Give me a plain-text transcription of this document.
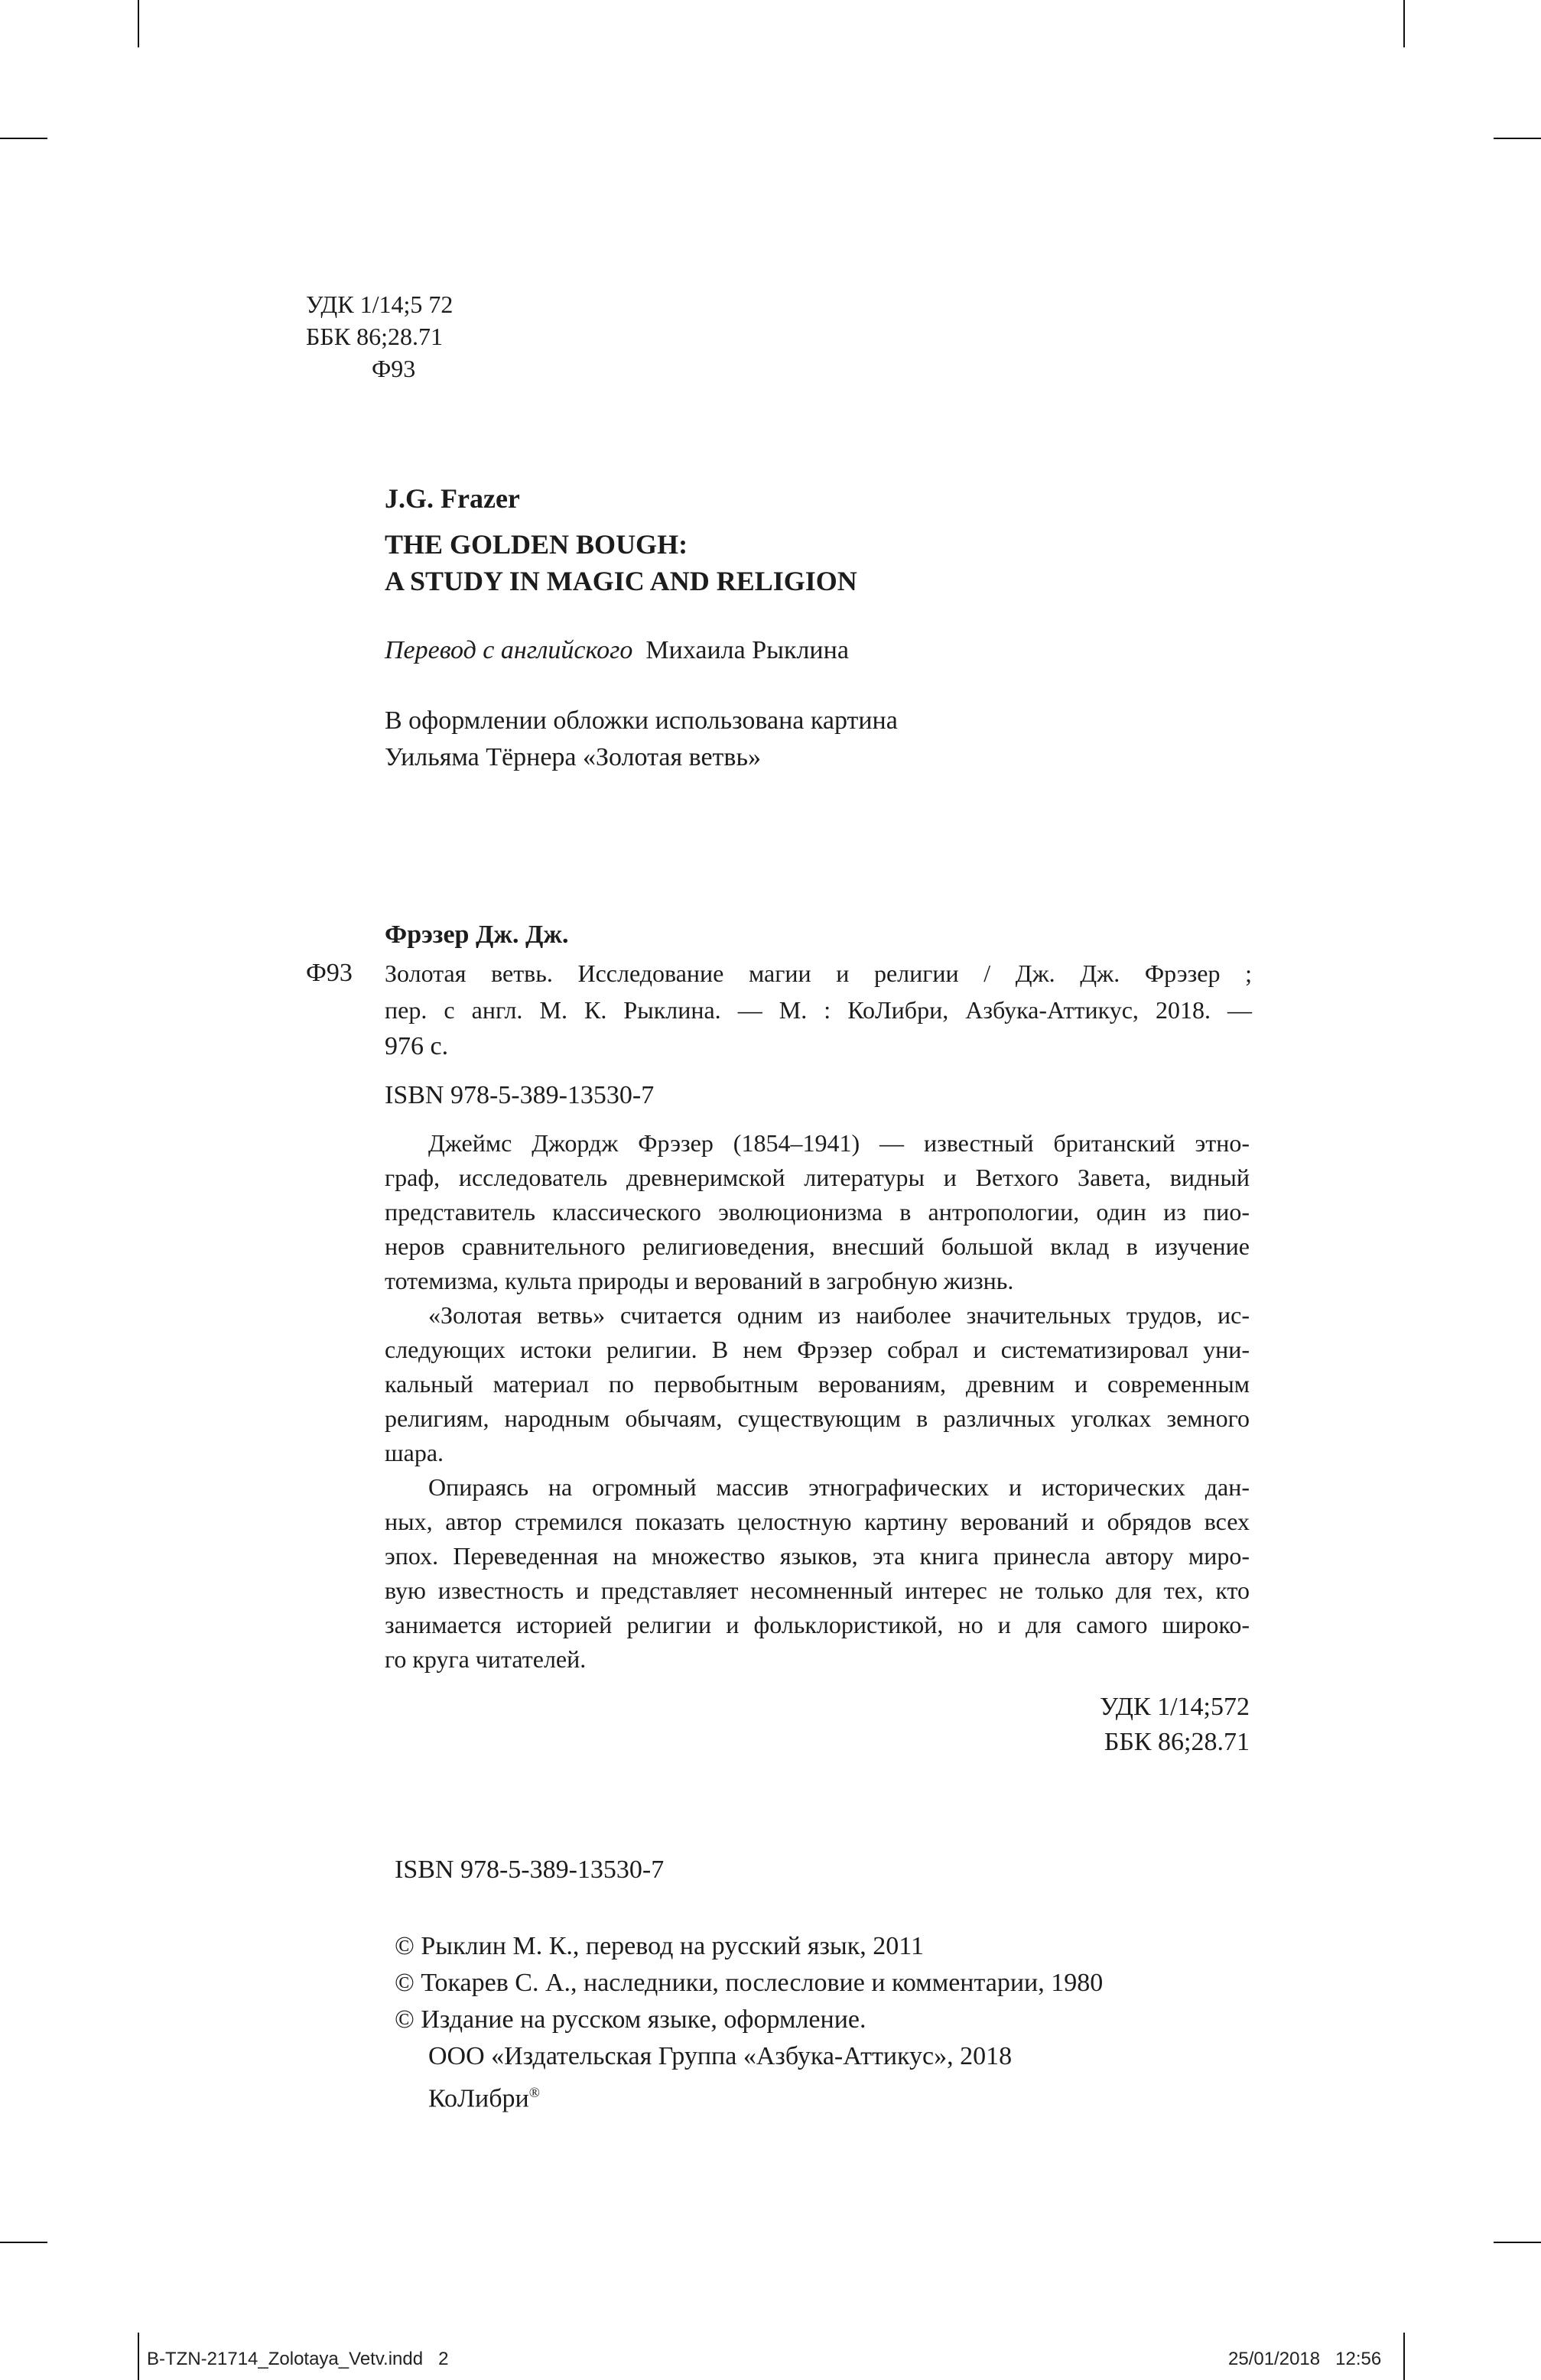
УДК 1/14;5 72

ББК 86;28.71

Ф93

J.G. Frazer

THE GOLDEN BOUGH:

A STUDY IN MAGIC AND RELIGION

Перевод с английского Михаила Рыклина

В оформлении обложки использована картина

Уильяма Тёрнера «Золотая ветвь»

Фрэзер Дж. Дж.

Ф93 Золотая ветвь. Исследование магии и религии / Дж. Дж. Фрэзер ;

пер. с англ. М. К. Рыклина. — М. : КоЛибри, Азбука-Аттикус, 2018. —

976 с.

ISBN 978-5-389-13530-7

Джеймс Джордж Фрэзер (1854–1941) — известный британский этно-

граф, исследователь древнеримской литературы и Ветхого Завета, видный

представитель классического эволюционизма в антропологии, один из пио-

неров сравнительного религиоведения, внесший большой вклад в изучение

тотемизма, культа природы и верований в загробную жизнь.

«Золотая ветвь» считается одним из наиболее значительных трудов, ис-

следующих истоки религии. В нем Фрэзер собрал и систематизировал уни-

кальный материал по первобытным верованиям, древним и современным

религиям, народным обычаям, существующим в различных уголках земного

шара.

Опираясь на огромный массив этнографических и исторических дан-

ных, автор стремился показать целостную картину верований и обрядов всех

эпох. Переведенная на множество языков, эта книга принесла автору миро-

вую известность и представляет несомненный интерес не только для тех, кто

занимается историей религии и фольклористикой, но и для самого широко-

го круга читателей.

УДК 1/14;572

ББК 86;28.71

ISBN 978-5-389-13530-7

© Рыклин М. К., перевод на русский язык, 2011

© Токарев С. А., наследники, послесловие и комментарии, 1980

© Издание на русском языке, оформление.

ООО «Издательская Группа «Азбука-Аттикус», 2018

КоЛибри®

B-TZN-21714_Zolotaya_Vetv.indd   2	25/01/2018   12:56
